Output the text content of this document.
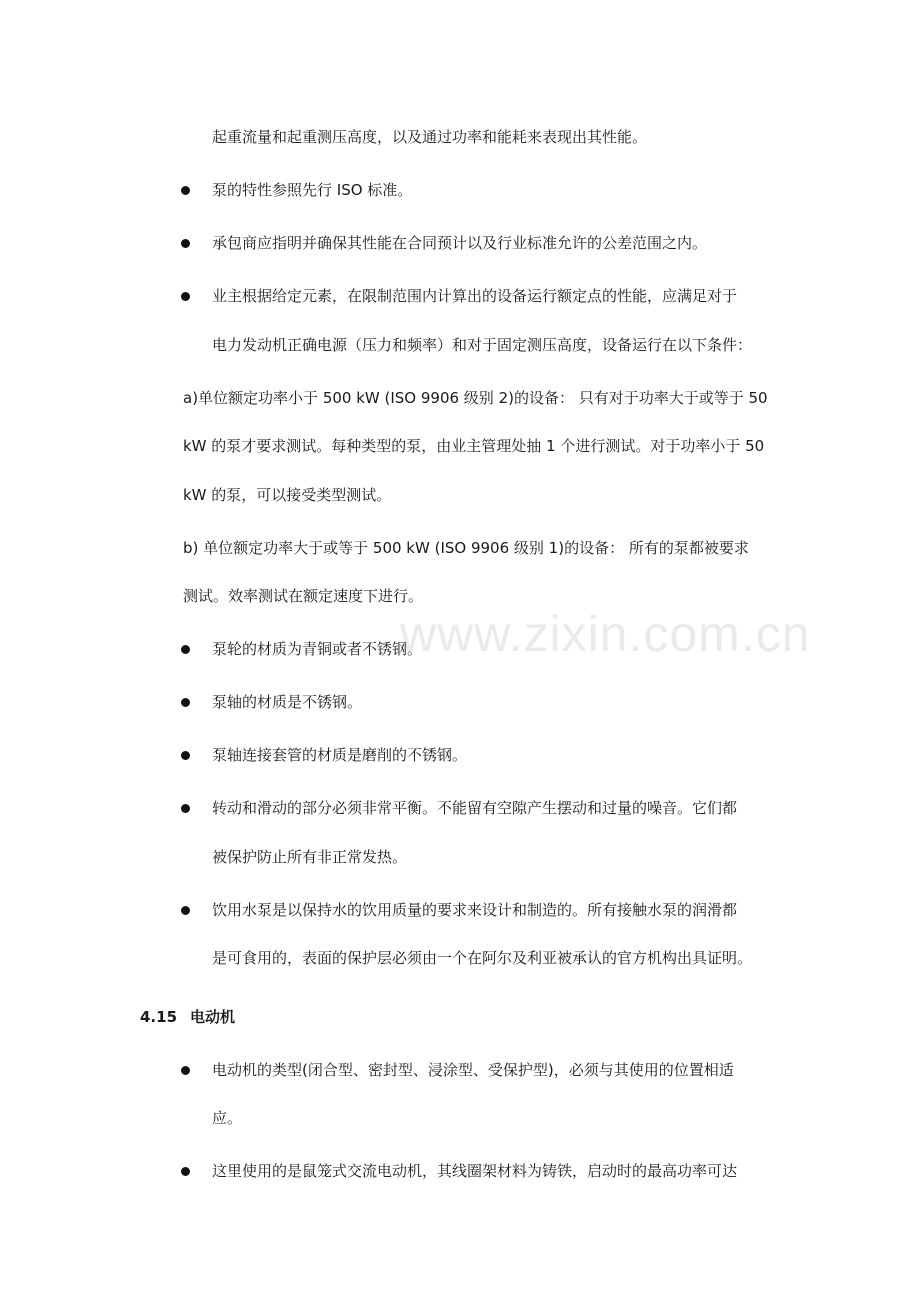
起重流量和起重测压高度，以及通过功率和能耗来表现出其性能。
泵的特性参照先行 ISO 标准。
承包商应指明并确保其性能在合同预计以及行业标准允许的公差范围之内。
业主根据给定元素，在限制范围内计算出的设备运行额定点的性能，应满足对于
电力发动机正确电源（压力和频率）和对于固定测压高度，设备运行在以下条件：
a)单位额定功率小于 500 kW (ISO 9906 级别 2)的设备： 只有对于功率大于或等于 50
kW 的泵才要求测试。每种类型的泵，由业主管理处抽 1 个进行测试。对于功率小于 50
kW 的泵，可以接受类型测试。
b) 单位额定功率大于或等于 500 kW (ISO 9906 级别 1)的设备： 所有的泵都被要求
测试。效率测试在额定速度下进行。
泵轮的材质为青铜或者不锈钢。
泵轴的材质是不锈钢。
泵轴连接套管的材质是磨削的不锈钢。
转动和滑动的部分必须非常平衡。不能留有空隙产生摆动和过量的噪音。它们都
被保护防止所有非正常发热。
饮用水泵是以保持水的饮用质量的要求来设计和制造的。所有接触水泵的润滑都
是可食用的，表面的保护层必须由一个在阿尔及利亚被承认的官方机构出具证明。
4.15 电动机
电动机的类型(闭合型、密封型、浸涂型、受保护型)，必须与其使用的位置相适
应。
这里使用的是鼠笼式交流电动机，其线圈架材料为铸铁，启动时的最高功率可达
www.zixin.com.cn
